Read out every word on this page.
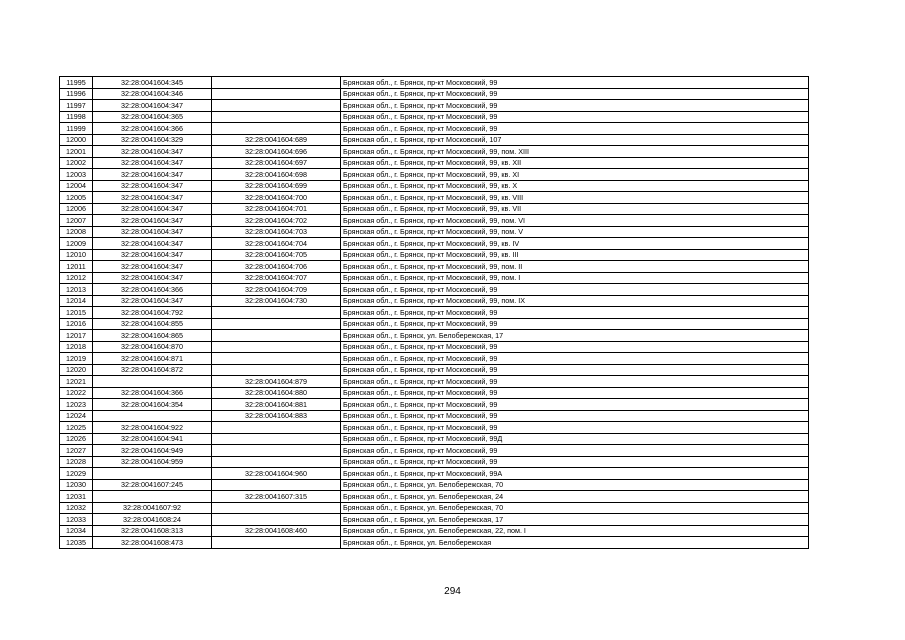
11995	32:28:0041604:345		Брянская обл., г. Брянск, пр-кт Московский, 99
11996	32:28:0041604:346		Брянская обл., г. Брянск, пр-кт Московский, 99
11997	32:28:0041604:347		Брянская обл., г. Брянск, пр-кт Московский, 99
11998	32:28:0041604:365		Брянская обл., г. Брянск, пр-кт Московский, 99
11999	32:28:0041604:366		Брянская обл., г. Брянск, пр-кт Московский, 99
12000	32:28:0041604:329	32:28:0041604:689	Брянская обл., г. Брянск, пр-кт Московский, 107
12001	32:28:0041604:347	32:28:0041604:696	Брянская обл., г. Брянск, пр-кт Московский, 99, пом. XIII
12002	32:28:0041604:347	32:28:0041604:697	Брянская обл., г. Брянск, пр-кт Московский, 99, кв. XII
12003	32:28:0041604:347	32:28:0041604:698	Брянская обл., г. Брянск, пр-кт Московский, 99, кв. XI
12004	32:28:0041604:347	32:28:0041604:699	Брянская обл., г. Брянск, пр-кт Московский, 99, кв. X
12005	32:28:0041604:347	32:28:0041604:700	Брянская обл., г. Брянск, пр-кт Московский, 99, кв. VIII
12006	32:28:0041604:347	32:28:0041604:701	Брянская обл., г. Брянск, пр-кт Московский, 99, кв. VII
12007	32:28:0041604:347	32:28:0041604:702	Брянская обл., г. Брянск, пр-кт Московский, 99, пом. VI
12008	32:28:0041604:347	32:28:0041604:703	Брянская обл., г. Брянск, пр-кт Московский, 99, пом. V
12009	32:28:0041604:347	32:28:0041604:704	Брянская обл., г. Брянск, пр-кт Московский, 99, кв. IV
12010	32:28:0041604:347	32:28:0041604:705	Брянская обл., г. Брянск, пр-кт Московский, 99, кв. III
12011	32:28:0041604:347	32:28:0041604:706	Брянская обл., г. Брянск, пр-кт Московский, 99, пом. II
12012	32:28:0041604:347	32:28:0041604:707	Брянская обл., г. Брянск, пр-кт Московский, 99, пом. I
12013	32:28:0041604:366	32:28:0041604:709	Брянская обл., г. Брянск, пр-кт Московский, 99
12014	32:28:0041604:347	32:28:0041604:730	Брянская обл., г. Брянск, пр-кт Московский, 99, пом. IX
12015	32:28:0041604:792		Брянская обл., г. Брянск, пр-кт Московский, 99
12016	32:28:0041604:855		Брянская обл., г. Брянск, пр-кт Московский, 99
12017	32:28:0041604:865		Брянская обл., г. Брянск, ул. Белобережская, 17
12018	32:28:0041604:870		Брянская обл., г. Брянск, пр-кт Московский, 99
12019	32:28:0041604:871		Брянская обл., г. Брянск, пр-кт Московский, 99
12020	32:28:0041604:872		Брянская обл., г. Брянск, пр-кт Московский, 99
12021		32:28:0041604:879	Брянская обл., г. Брянск, пр-кт Московский, 99
12022	32:28:0041604:366	32:28:0041604:880	Брянская обл., г. Брянск, пр-кт Московский, 99
12023	32:28:0041604:354	32:28:0041604:881	Брянская обл., г. Брянск, пр-кт Московский, 99
12024		32:28:0041604:883	Брянская обл., г. Брянск, пр-кт Московский, 99
12025	32:28:0041604:922		Брянская обл., г. Брянск, пр-кт Московский, 99
12026	32:28:0041604:941		Брянская обл., г. Брянск, пр-кт Московский, 99Д
12027	32:28:0041604:949		Брянская обл., г. Брянск, пр-кт Московский, 99
12028	32:28:0041604:959		Брянская обл., г. Брянск, пр-кт Московский, 99
12029		32:28:0041604:960	Брянская обл., г. Брянск, пр-кт Московский, 99А
12030	32:28:0041607:245		Брянская обл., г. Брянск, ул. Белобережская, 70
12031		32:28:0041607:315	Брянская обл., г. Брянск, ул. Белобережская, 24
12032	32:28:0041607:92		Брянская обл., г. Брянск, ул. Белобережская, 70
12033	32:28:0041608:24		Брянская обл., г. Брянск, ул. Белобережская, 17
12034	32:28:0041608:313	32:28:0041608:460	Брянская обл., г. Брянск, ул. Белобережская, 22, пом. I
12035	32:28:0041608:473		Брянская обл., г. Брянск, ул. Белобережская
294
